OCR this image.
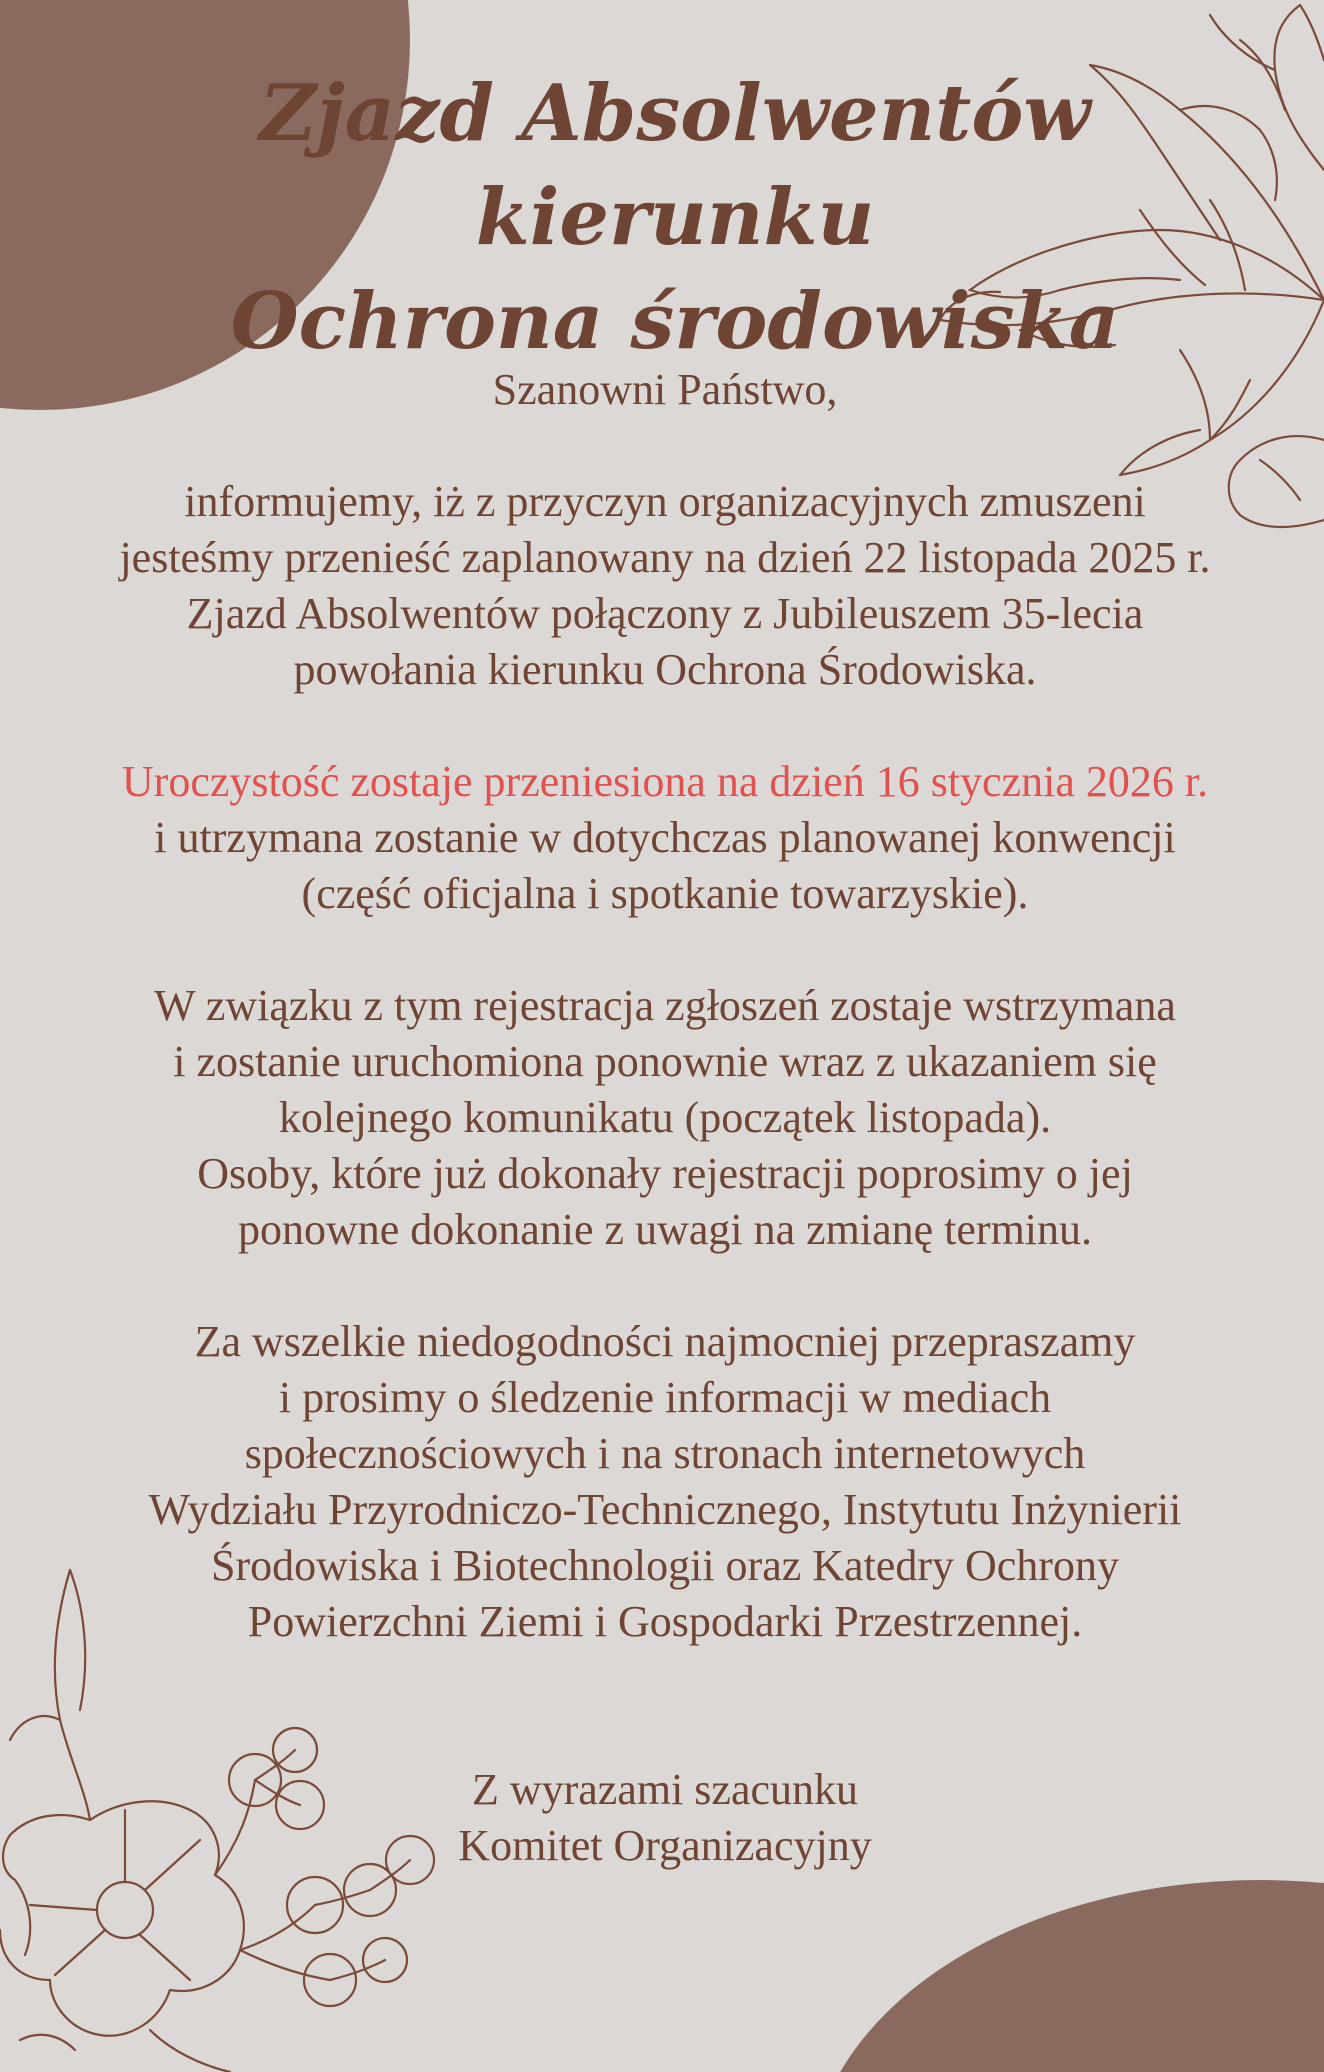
Zjazd Absolwentów kierunku
Ochrona środowiska

Szanowni Państwo,

informujemy, iż z przyczyn organizacyjnych zmuszeni

jesteśmy przenieść zaplanowany na dzień 22 listopada 2025 r.

Zjazd Absolwentów połączony z Jubileuszem 35-lecia

powołania kierunku Ochrona Środowiska.

Uroczystość zostaje przeniesiona na dzień 16 stycznia 2026 r.

i utrzymana zostanie w dotychczas planowanej konwencji

(część oficjalna i spotkanie towarzyskie).

W związku z tym rejestracja zgłoszeń zostaje wstrzymana

i zostanie uruchomiona ponownie wraz z ukazaniem się

kolejnego komunikatu (początek listopada).

Osoby, które już dokonały rejestracji poprosimy o jej

ponowne dokonanie z uwagi na zmianę terminu.

Za wszelkie niedogodności najmocniej przepraszamy

i prosimy o śledzenie informacji w mediach

społecznościowych i na stronach internetowych

Wydziału Przyrodniczo-Technicznego, Instytutu Inżynierii

Środowiska i Biotechnologii oraz Katedry Ochrony

Powierzchni Ziemi i Gospodarki Przestrzennej.

Z wyrazami szacunku

Komitet Organizacyjny
